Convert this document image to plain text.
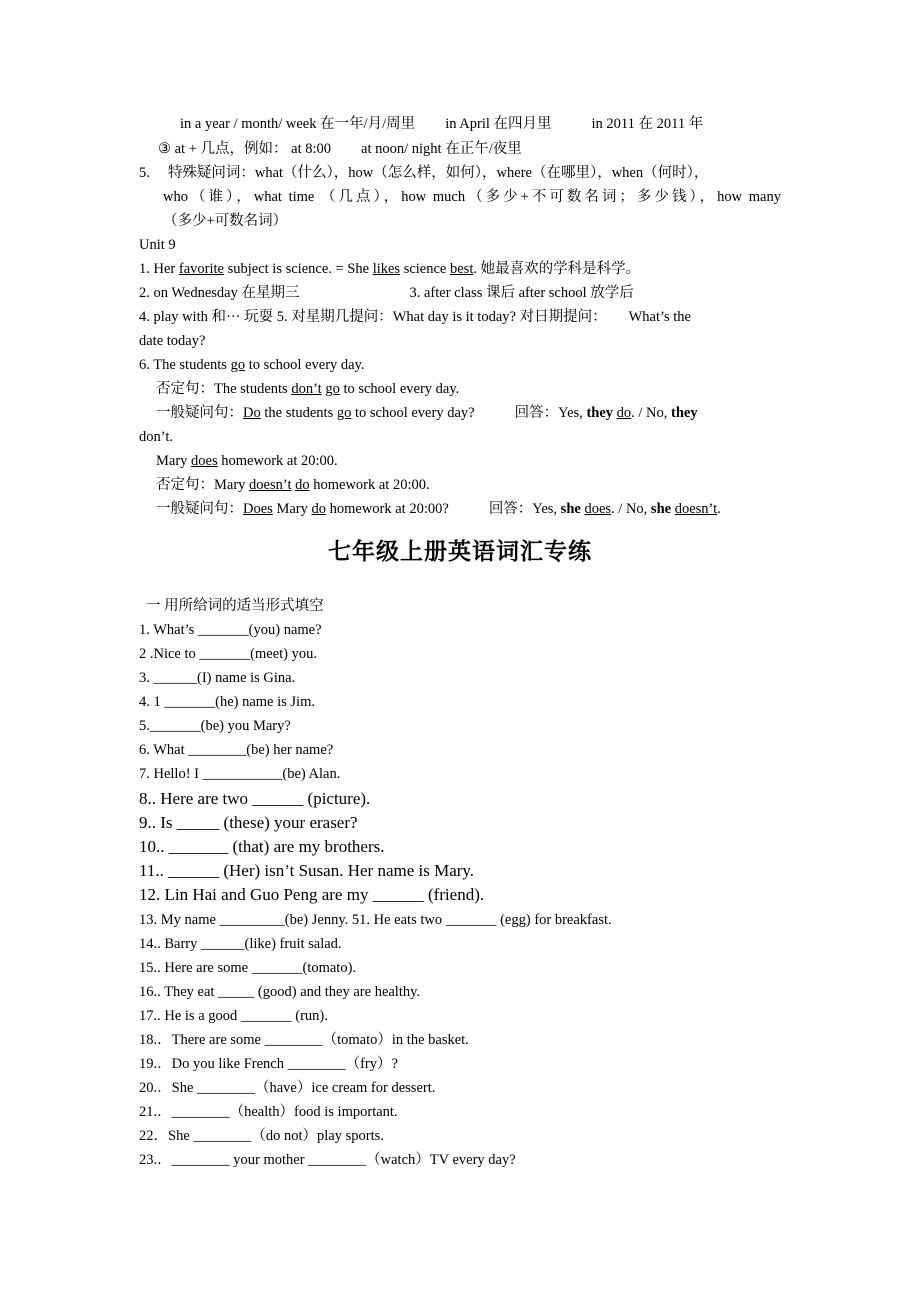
in a year / month/ week 在一年/月/周里 in April 在四月里	in 2011 在 2011 年
③ at + 几点，例如： at 8:00 at noon/ night 在正午/夜里
5. 特殊疑问词：what（什么），how（怎么样，如何），where（在哪里），when（何时），
who（谁），what time （几点），how much（多少+不可数名词；多少钱），how many
（多少+可数名词）
Unit 9
1. Her favorite subject is science. = She likes science best. 她最喜欢的学科是科学。
2. on Wednesday 在星期三	3. after class 课后 after school 放学后
4. play with 和··· 玩耍 5. 对星期几提问：What day is it today? 对日期提问： What’s the
date today?
6. The students go to school every day.
否定句：The students don’t go to school every day.
一般疑问句：Do the students go to school every day?	回答：Yes, they do. / No, they
don’t.
Mary does homework at 20:00.
否定句：Mary doesn’t do homework at 20:00.
一般疑问句：Does Mary do homework at 20:00?	回答：Yes, she does. / No, she doesn’t.
七年级上册英语词汇专练
一 用所给词的适当形式填空
1. What’s _______(you) name?
2 .Nice to _______(meet) you.
3. ______(I) name is Gina.
4. 1 _______(he) name is Jim.
5._______(be) you Mary?
6. What ________(be) her name?
7. Hello! I ___________(be) Alan.
8.. Here are two ______ (picture).
9.. Is _____ (these) your eraser?
10.. _______ (that) are my brothers.
11.. ______ (Her) isn’t Susan. Her name is Mary.
12. Lin Hai and Guo Peng are my ______ (friend).
13. My name _________(be) Jenny. 51. He eats two _______ (egg) for breakfast.
14.. Barry ______(like) fruit salad.
15.. Here are some _______(tomato).
16.. They eat _____ (good) and they are healthy.
17.. He is a good _______ (run).
18.．There are some ________（tomato）in the basket.
19.．Do you like French ________（fry）?
20.．She ________（have）ice cream for dessert.
21.．________（health）food is important.
22．She ________（do not）play sports.
23.．________ your mother ________（watch）TV every day?
